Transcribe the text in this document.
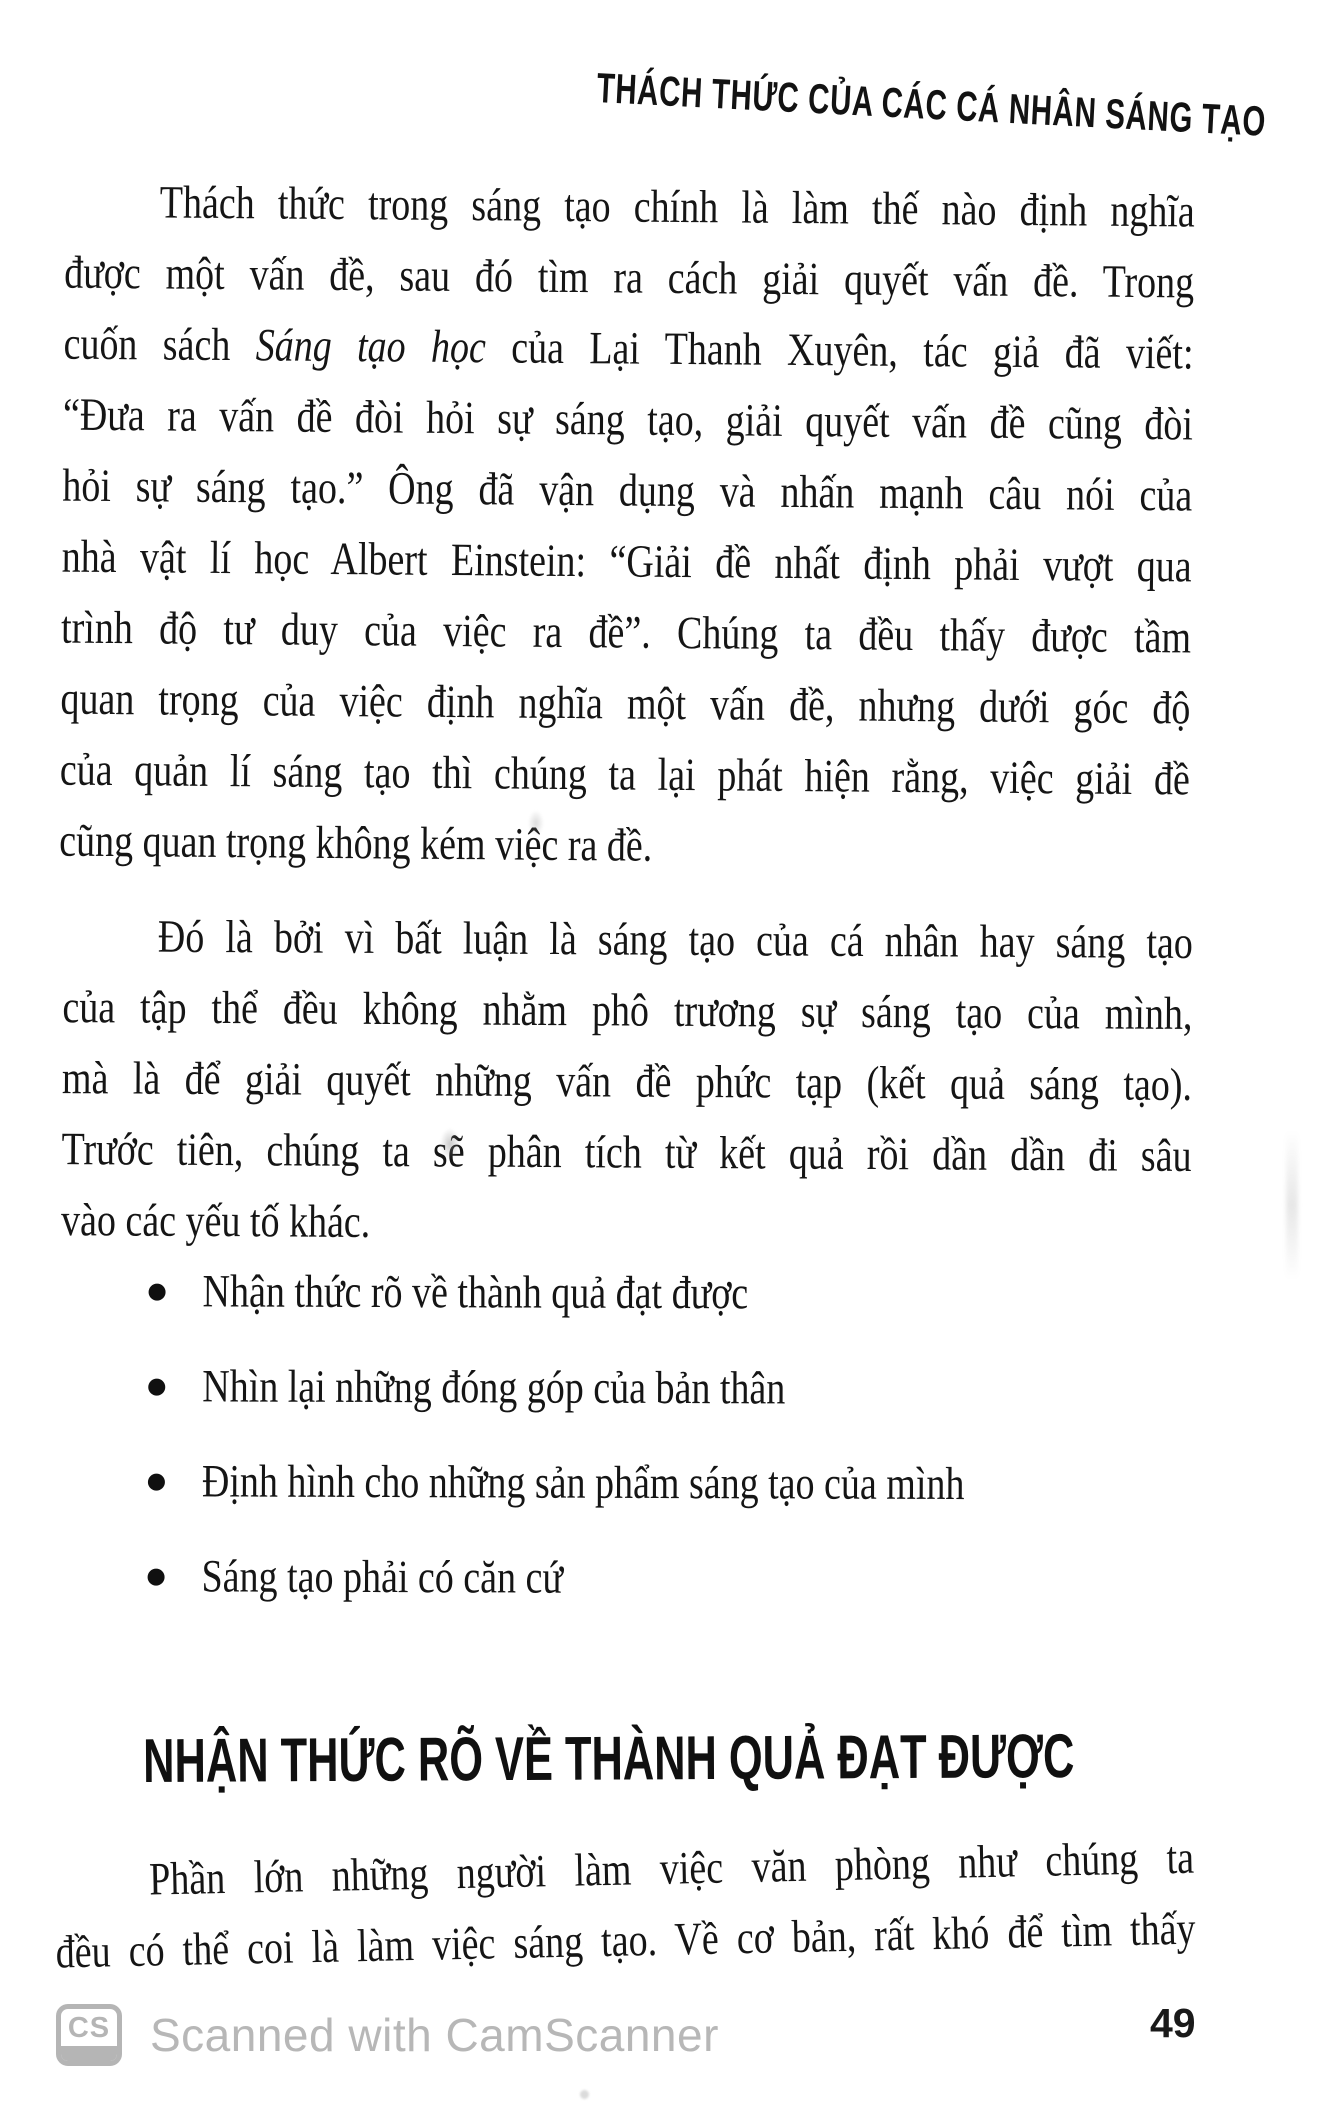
THÁCH THỨC CỦA CÁC CÁ NHÂN SÁNG TẠO
Thách thức trong sáng tạo chính là làm thế nào định nghĩa
được một vấn đề, sau đó tìm ra cách giải quyết vấn đề. Trong
cuốn sách Sáng tạo học của Lại Thanh Xuyên, tác giả đã viết:
“Đưa ra vấn đề đòi hỏi sự sáng tạo, giải quyết vấn đề cũng đòi
hỏi sự sáng tạo.” Ông đã vận dụng và nhấn mạnh câu nói của
nhà vật lí học Albert Einstein: “Giải đề nhất định phải vượt qua
trình độ tư duy của việc ra đề”. Chúng ta đều thấy được tầm
quan trọng của việc định nghĩa một vấn đề, nhưng dưới góc độ
của quản lí sáng tạo thì chúng ta lại phát hiện rằng, việc giải đề
cũng quan trọng không kém việc ra đề.
Đó là bởi vì bất luận là sáng tạo của cá nhân hay sáng tạo
của tập thể đều không nhằm phô trương sự sáng tạo của mình,
mà là để giải quyết những vấn đề phức tạp (kết quả sáng tạo).
Trước tiên, chúng ta sẽ phân tích từ kết quả rồi dần dần đi sâu
vào các yếu tố khác.
Nhận thức rõ về thành quả đạt được
Nhìn lại những đóng góp của bản thân
Định hình cho những sản phẩm sáng tạo của mình
Sáng tạo phải có căn cứ
NHẬN THỨC RÕ VỀ THÀNH QUẢ ĐẠT ĐƯỢC
Phần lớn những người làm việc văn phòng như chúng ta
đều có thể coi là làm việc sáng tạo. Về cơ bản, rất khó để tìm thấy
CS Scanned with CamScanner	49
